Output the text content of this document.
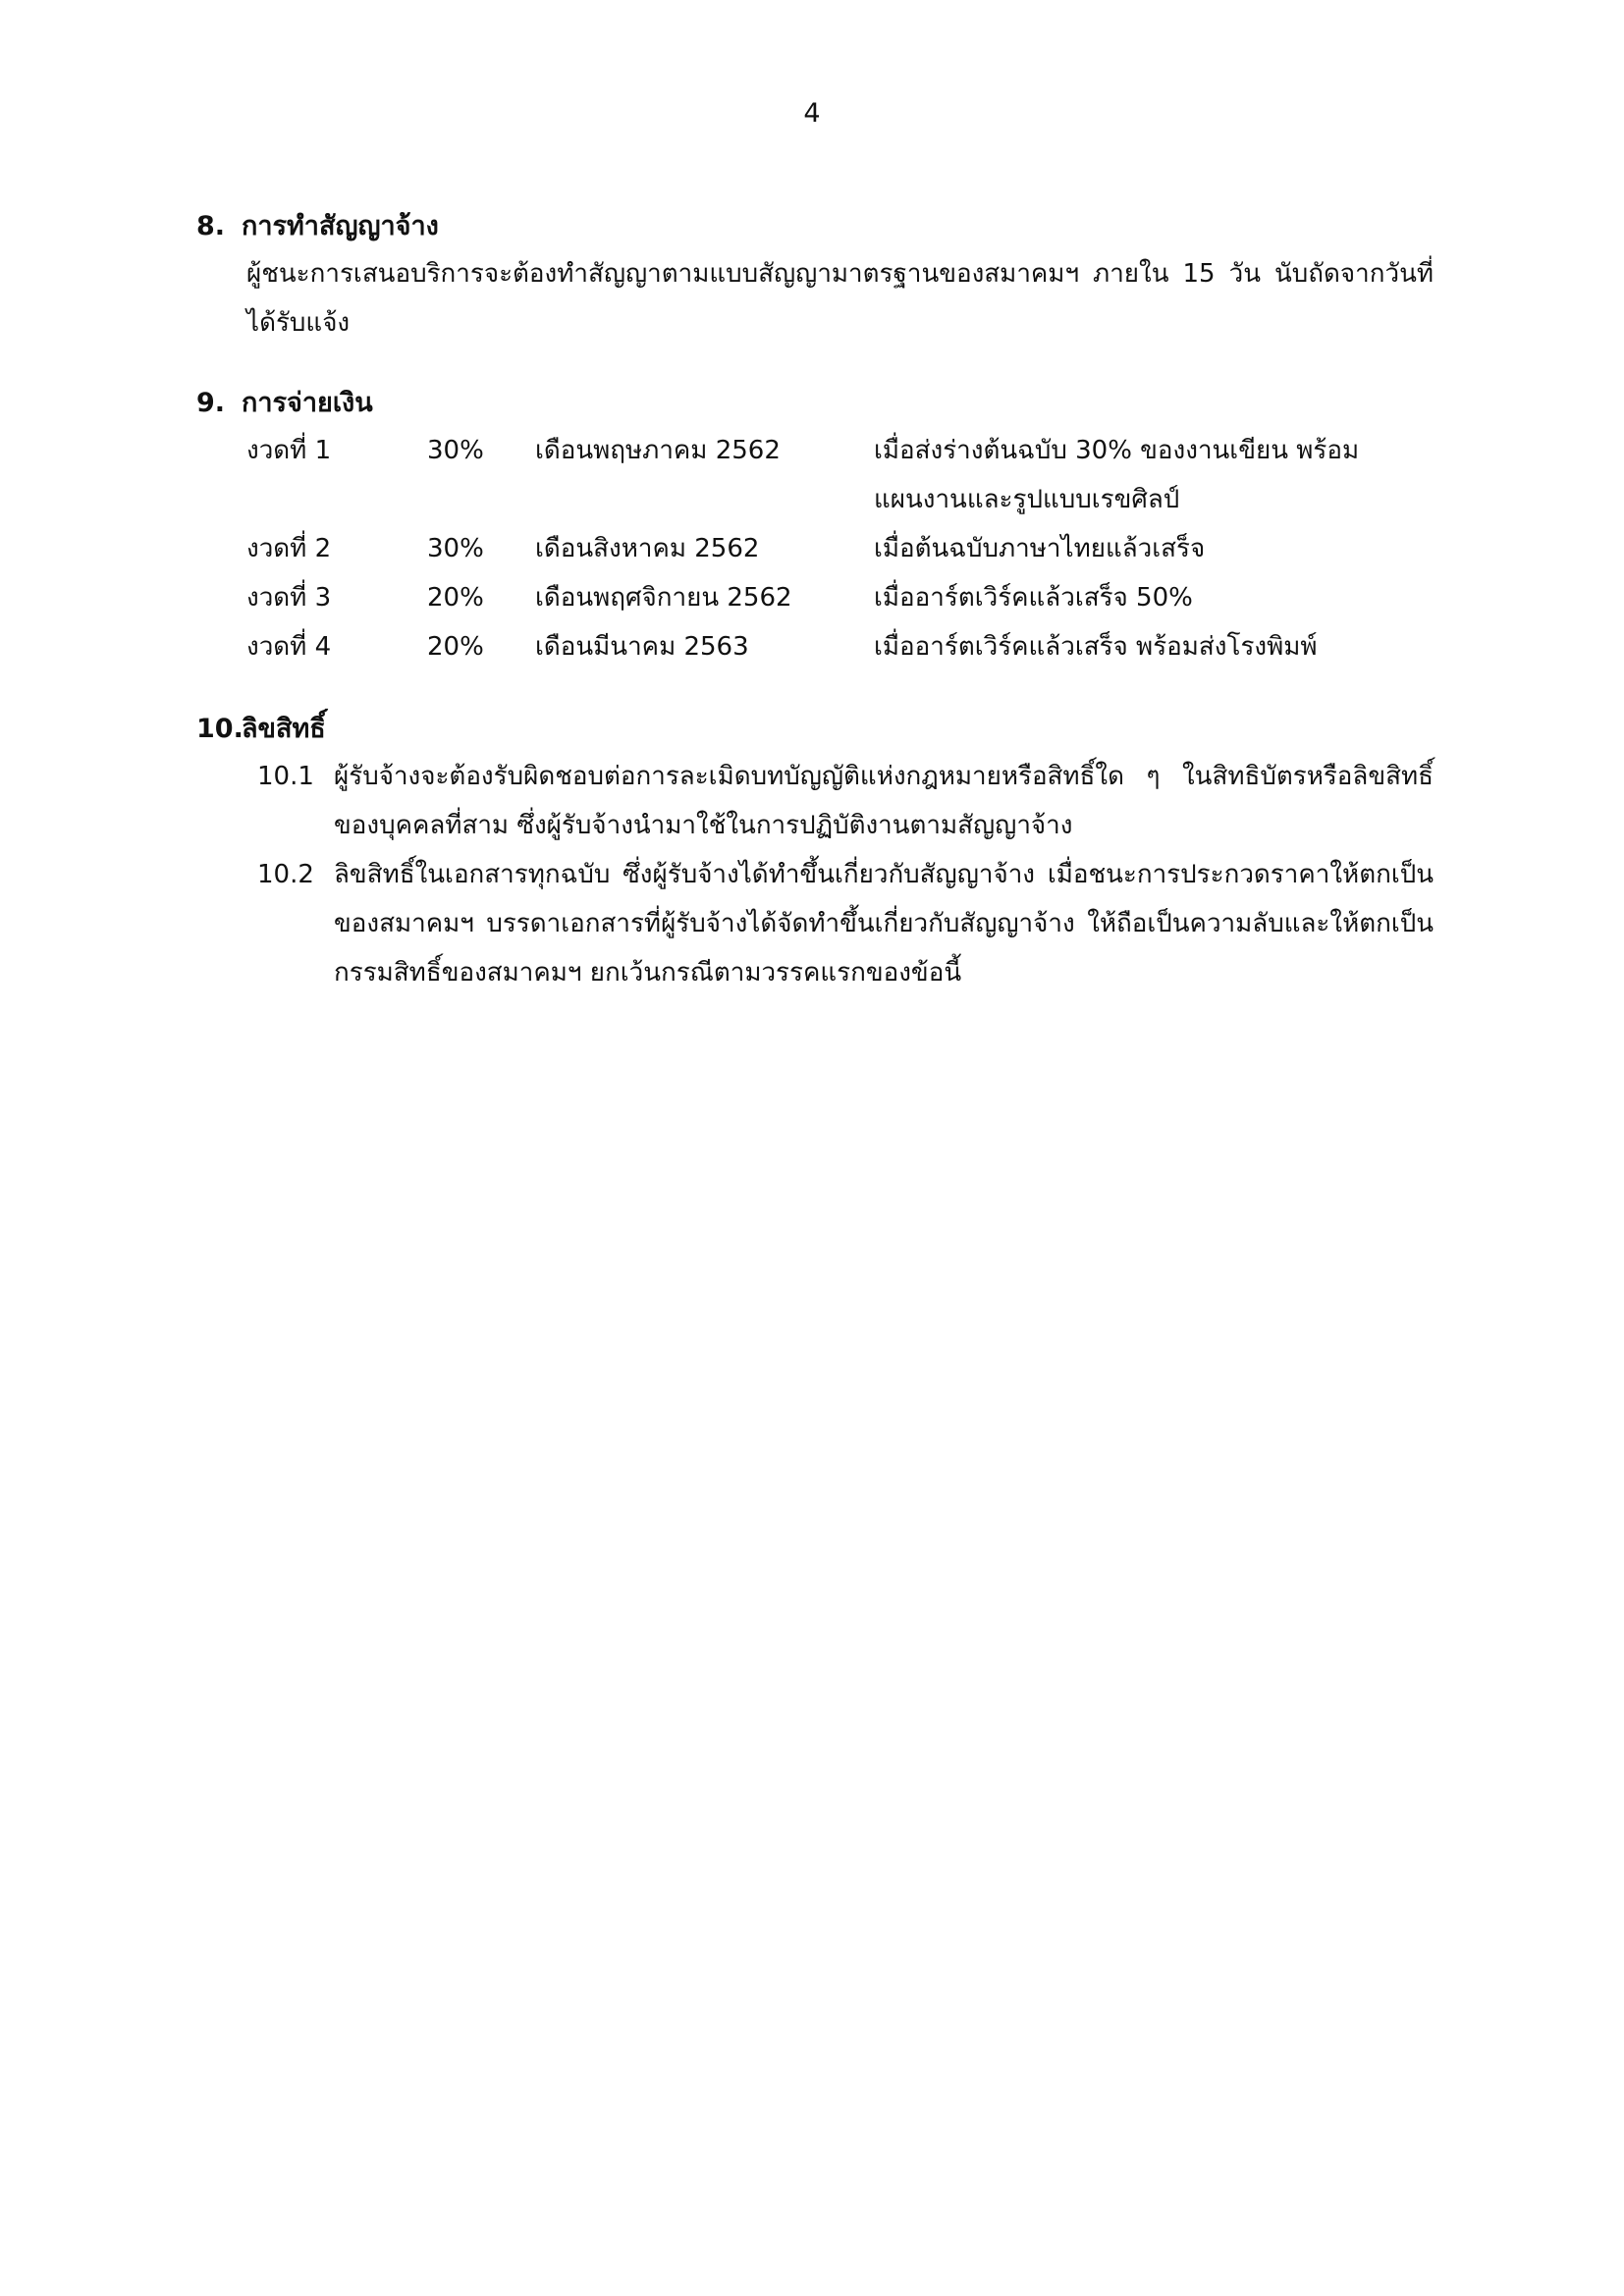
4
8. การทำสัญญาจ้าง
ผู้ชนะการเสนอบริการจะต้องทำสัญญาตามแบบสัญญามาตรฐานของสมาคมฯ ภายใน 15 วัน นับถัดจากวันที่ได้รับแจ้ง
9. การจ่ายเงิน
งวดที่ 1	30% เดือนพฤษภาคม 2562	เมื่อส่งร่างต้นฉบับ 30% ของงานเขียน พร้อม
แผนงานและรูปแบบเรขศิลป์
งวดที่ 2	30% เดือนสิงหาคม 2562	เมื่อต้นฉบับภาษาไทยแล้วเสร็จ
งวดที่ 3	20% เดือนพฤศจิกายน 2562	เมื่ออาร์ตเวิร์คแล้วเสร็จ 50%
งวดที่ 4	20% เดือนมีนาคม 2563	เมื่ออาร์ตเวิร์คแล้วเสร็จ พร้อมส่งโรงพิมพ์
10.ลิขสิทธิ์
10.1 ผู้รับจ้างจะต้องรับผิดชอบต่อการละเมิดบทบัญญัติแห่งกฎหมายหรือสิทธิ์ใด ๆ ในสิทธิบัตรหรือลิขสิทธิ์ของบุคคลที่สาม ซึ่งผู้รับจ้างนำมาใช้ในการปฏิบัติงานตามสัญญาจ้าง
10.2 ลิขสิทธิ์ในเอกสารทุกฉบับ ซึ่งผู้รับจ้างได้ทำขึ้นเกี่ยวกับสัญญาจ้าง เมื่อชนะการประกวดราคาให้ตกเป็นของสมาคมฯ บรรดาเอกสารที่ผู้รับจ้างได้จัดทำขึ้นเกี่ยวกับสัญญาจ้าง ให้ถือเป็นความลับและให้ตกเป็นกรรมสิทธิ์ของสมาคมฯ ยกเว้นกรณีตามวรรคแรกของข้อนี้
